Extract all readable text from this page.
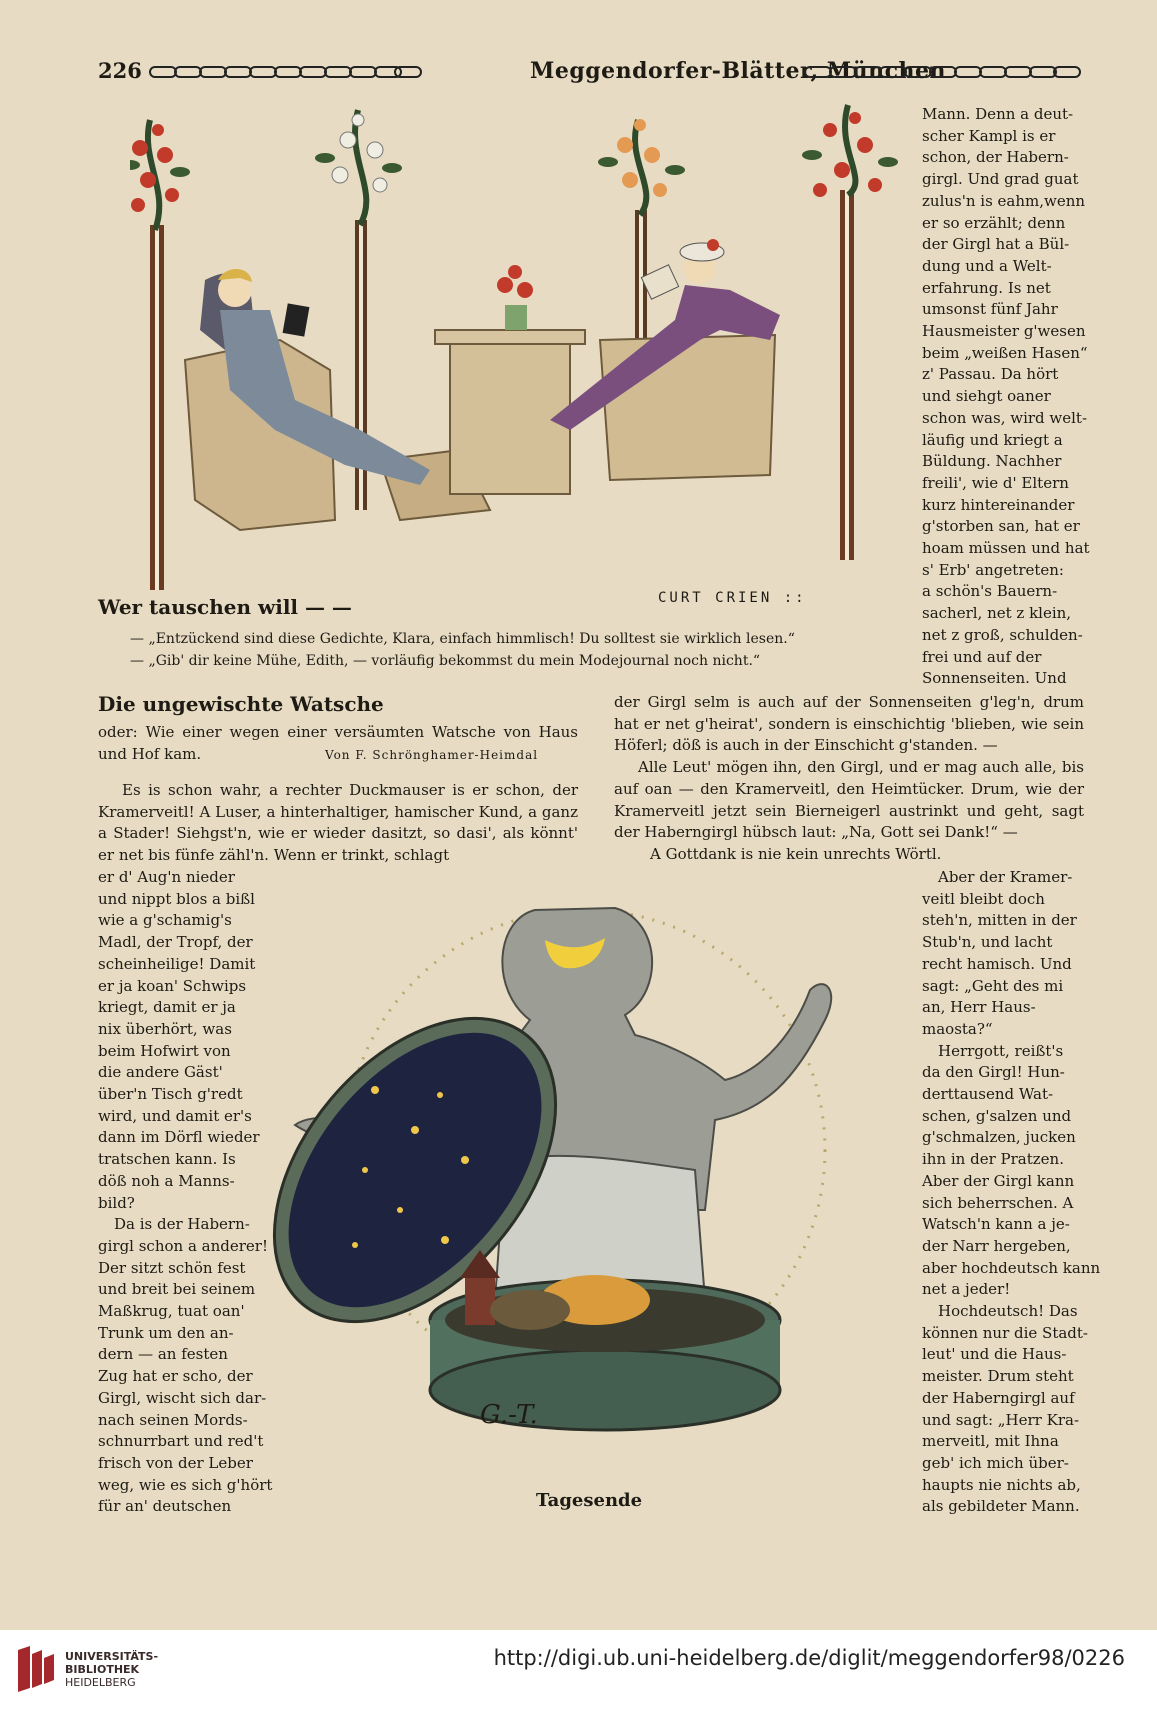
226	Meggendorfer-Blätter, München
Mann. Denn a deut-
scher Kampl is er
schon, der Habern-
girgl. Und grad guat
zulus'n is eahm,wenn
er so erzählt; denn
der Girgl hat a Bül-
dung und a Welt-
erfahrung. Is net
umsonst fünf Jahr
Hausmeister g'wesen
beim „weißen Hasen“
z' Passau. Da hört
und siehgt oaner
schon was, wird welt-
läufig und kriegt a
Büldung. Nachher
freili', wie d' Eltern
kurz hintereinander
g'storben san, hat er
hoam müssen und hat
s' Erb' angetreten:
a schön's Bauern-
sacherl, net z klein,
net z groß, schulden-
frei und auf der
Sonnenseiten. Und
Wer tauschen will — —	CURT CRIEN ::
— „Entzückend sind diese Gedichte, Klara, einfach himmlisch! Du solltest sie wirklich lesen.“
— „Gib' dir keine Mühe, Edith, — vorläufig bekommst du mein Modejournal noch nicht.“
Die ungewischte Watsche
oder: Wie einer wegen einer versäumten Watsche von Haus und Hof kam.	Von F. Schrönghamer-Heimdal

Es is schon wahr, a rechter Duckmauser is er schon, der Kramerveitl! A Luser, a hinterhaltiger, hamischer Kund, a ganz a Stader! Siehgst'n, wie er wieder dasitzt, so dasi', als könnt' er net bis fünfe zähl'n. Wenn er trinkt, schlagt

der Girgl selm is auch auf der Sonnenseiten g'leg'n, drum hat er net g'heirat', sondern is einschichtig 'blieben, wie sein Höferl; döß is auch in der Einschicht g'standen. —

Alle Leut' mögen ihn, den Girgl, und er mag auch alle, bis auf oan — den Kramerveitl, den Heimtücker. Drum, wie der Kramerveitl jetzt sein Bierneigerl austrinkt und geht, sagt der Haberngirgl hübsch laut: „Na, Gott sei Dank!“ —

A Gottdank is nie kein unrechts Wörtl.

er d' Aug'n nieder
und nippt blos a bißl
wie a g'schamig's
Madl, der Tropf, der
scheinheilige! Damit
er ja koan' Schwips
kriegt, damit er ja
nix überhört, was
beim Hofwirt von
die andere Gäst'
über'n Tisch g'redt
wird, und damit er's
dann im Dörfl wieder
tratschen kann. Is
döß noh a Manns-
bild?
Da is der Habern-
girgl schon a anderer!
Der sitzt schön fest
und breit bei seinem
Maßkrug, tuat oan'
Trunk um den an-
dern — an festen
Zug hat er scho, der
Girgl, wischt sich dar-
nach seinen Mords-
schnurrbart und red't
frisch von der Leber
weg, wie es sich g'hört
für an' deutschen
Aber der Kramer-
veitl bleibt doch
steh'n, mitten in der
Stub'n, und lacht
recht hamisch. Und
sagt: „Geht des mi
an, Herr Haus-
maosta?“
Herrgott, reißt's
da den Girgl! Hun-
derttausend Wat-
schen, g'salzen und
g'schmalzen, jucken
ihn in der Pratzen.
Aber der Girgl kann
sich beherrschen. A
Watsch'n kann a je-
der Narr hergeben,
aber hochdeutsch kann
net a jeder!
Hochdeutsch! Das
können nur die Stadt-
leut' und die Haus-
meister. Drum steht
der Haberngirgl auf
und sagt: „Herr Kra-
merveitl, mit Ihna
geb' ich mich über-
haupts nie nichts ab,
als gebildeter Mann.
G.-T.
Tagesende
UNIVERSITÄTS-
BIBLIOTHEK
HEIDELBERG
http://digi.ub.uni-heidelberg.de/diglit/meggendorfer98/0226
